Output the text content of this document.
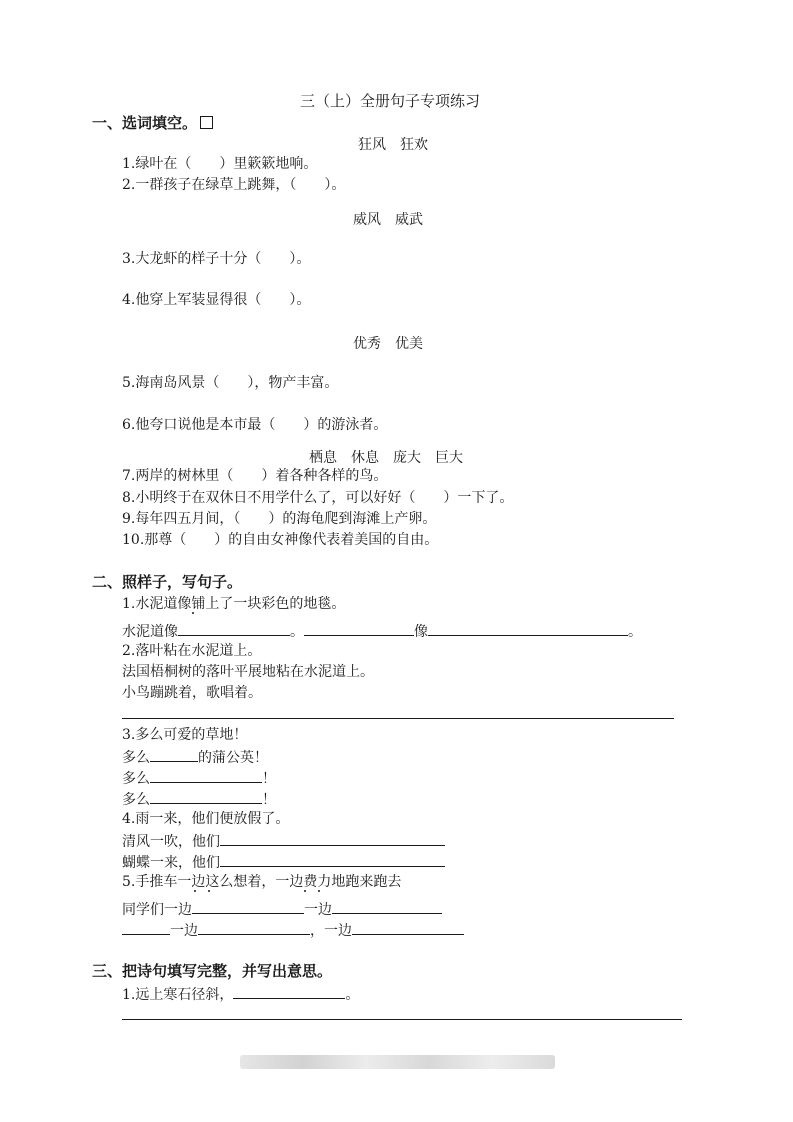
三（上）全册句子专项练习
一、选词填空。
狂风　狂欢
1.绿叶在（　　）里簌簌地响。
2.一群孩子在绿草上跳舞，（　　）。
威风　威武
3.大龙虾的样子十分（　　）。
4.他穿上军装显得很（　　）。
优秀　优美
5.海南岛风景（　　），物产丰富。
6.他夸口说他是本市最（　　）的游泳者。
栖息　休息　庞大　巨大
7.两岸的树林里（　　）着各种各样的鸟。
8.小明终于在双休日不用学什么了，可以好好（　　）一下了。
9.每年四五月间，（　　）的海龟爬到海滩上产卵。
10.那尊（　　）的自由女神像代表着美国的自由。
二、照样子，写句子。
1.水泥道像铺上了一块彩色的地毯。
水泥道像	。	像	。
2.落叶粘在水泥道上。
法国梧桐树的落叶平展地粘在水泥道上。
小鸟蹦跳着，歌唱着。
3.多么可爱的草地！
多么	的蒲公英！
多么	！
多么	！
4.雨一来，他们便放假了。
清风一吹，他们
蝴蝶一来，他们
5.手推车一边这么想着，一边费力地跑来跑去
同学们一边	一边
一边	，一边
三、把诗句填写完整，并写出意思。
1.远上寒石径斜，	。
